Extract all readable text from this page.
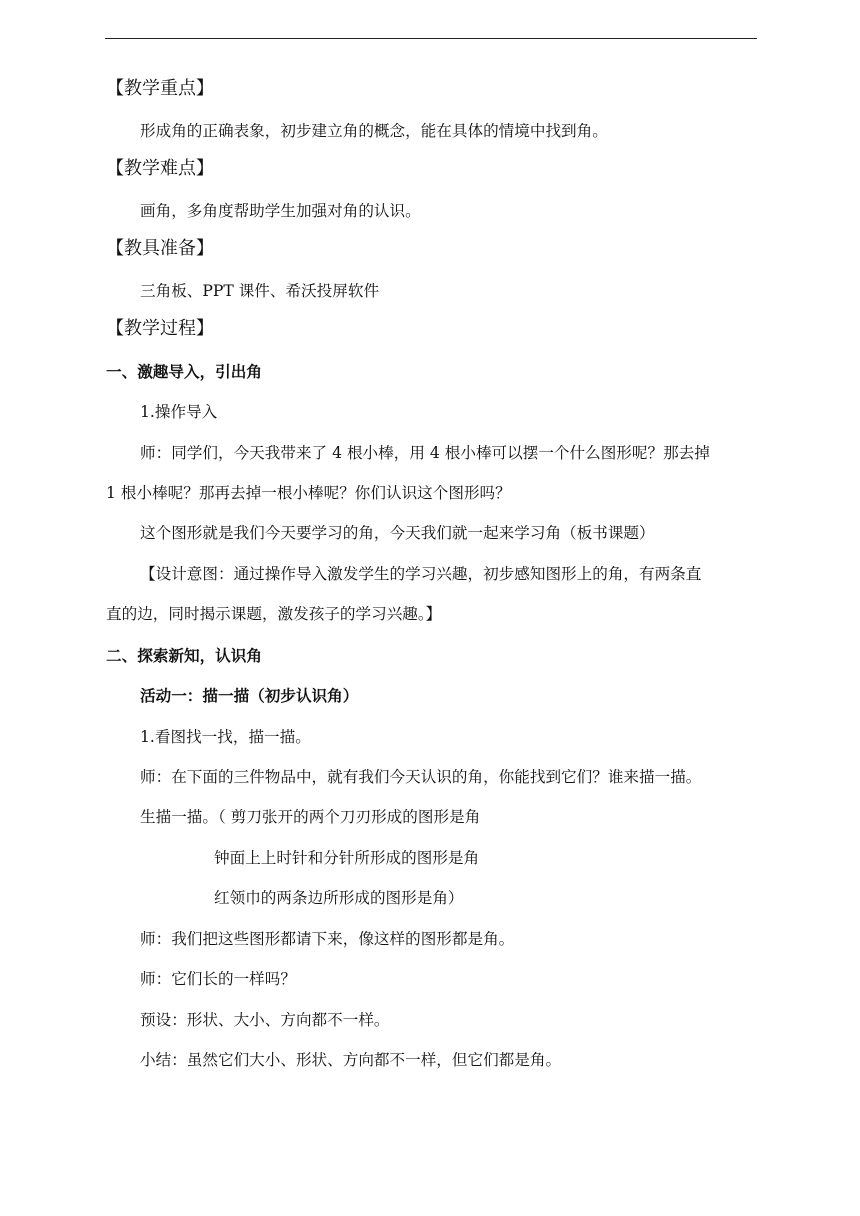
【教学重点】
形成角的正确表象，初步建立角的概念，能在具体的情境中找到角。
【教学难点】
画角，多角度帮助学生加强对角的认识。
【教具准备】
三角板、PPT 课件、希沃投屏软件
【教学过程】
一、激趣导入，引出角
1.操作导入
师：同学们，今天我带来了 4 根小棒，用 4 根小棒可以摆一个什么图形呢？那去掉
1 根小棒呢？那再去掉一根小棒呢？你们认识这个图形吗？
这个图形就是我们今天要学习的角，今天我们就一起来学习角（板书课题）
【设计意图：通过操作导入激发学生的学习兴趣，初步感知图形上的角，有两条直
直的边，同时揭示课题，激发孩子的学习兴趣。】
二、探索新知，认识角
活动一：描一描（初步认识角）
1.看图找一找，描一描。
师：在下面的三件物品中，就有我们今天认识的角，你能找到它们？谁来描一描。
生描一描。（ 剪刀张开的两个刀刃形成的图形是角
钟面上上时针和分针所形成的图形是角
红领巾的两条边所形成的图形是角）
师：我们把这些图形都请下来，像这样的图形都是角。
师：它们长的一样吗？
预设：形状、大小、方向都不一样。
小结：虽然它们大小、形状、方向都不一样，但它们都是角。
